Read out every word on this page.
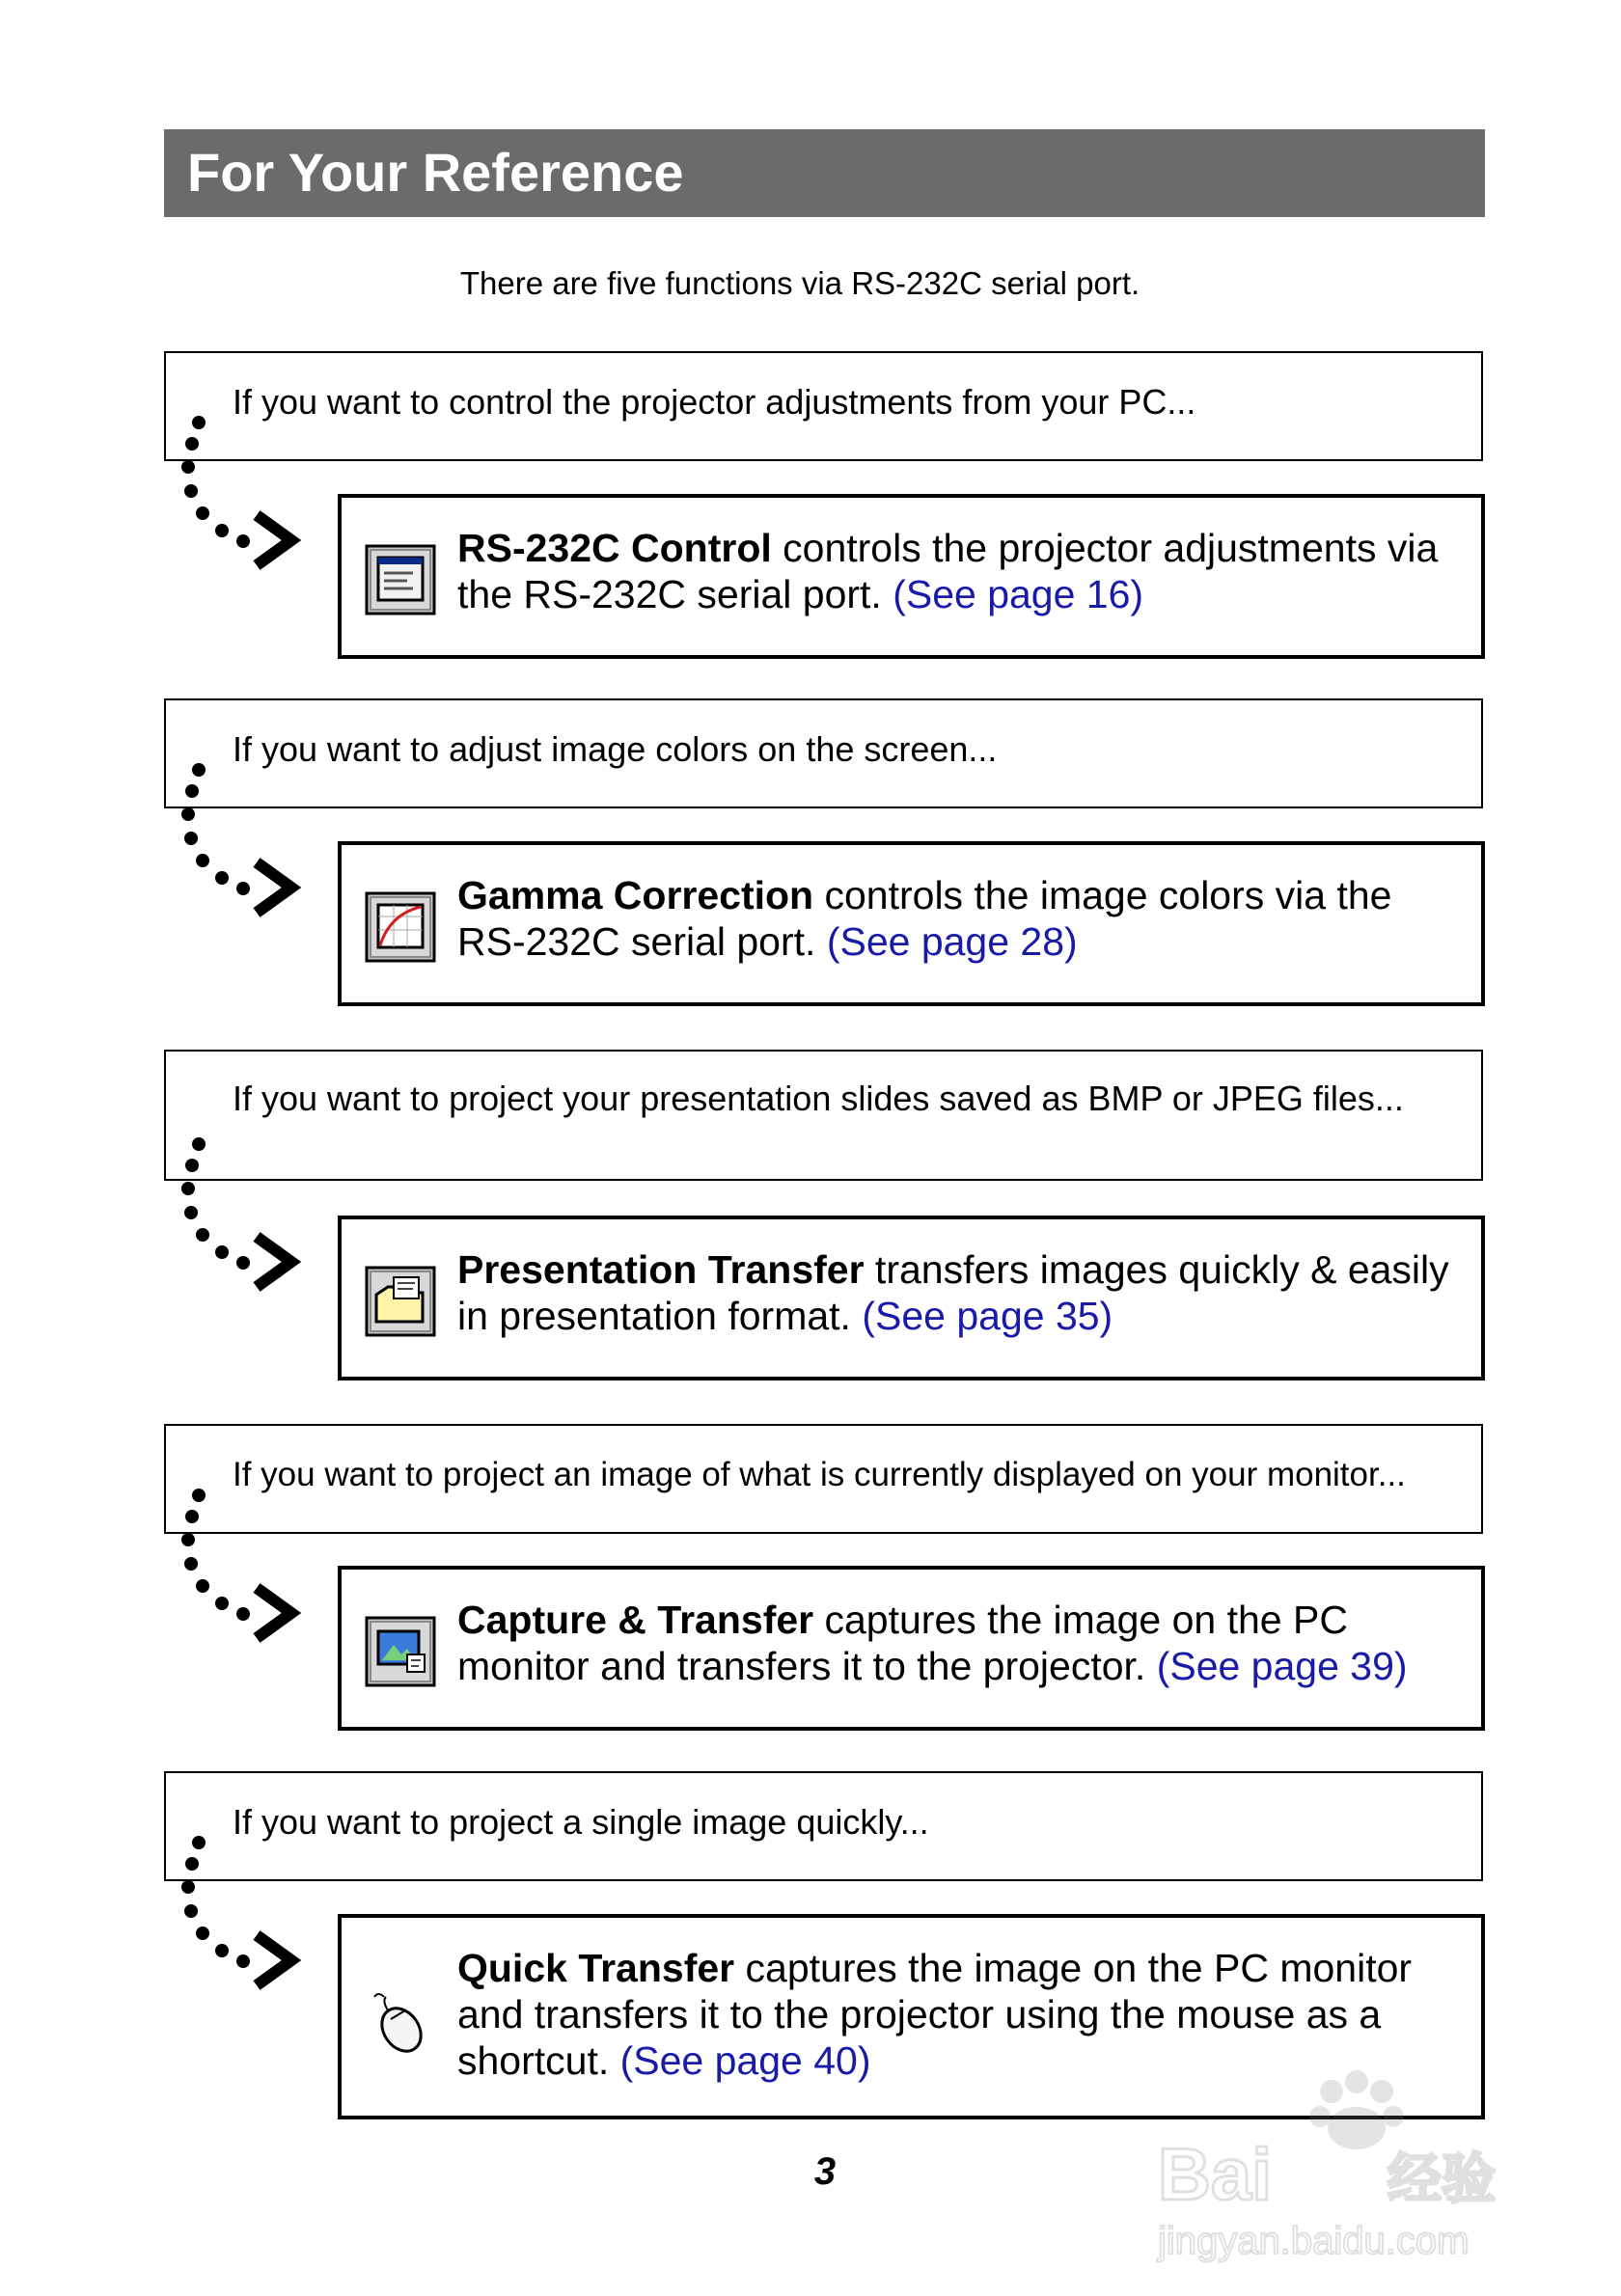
For Your Reference
There are five functions via RS-232C serial port.
If you want to control the projector adjustments from your PC...
RS-232C Control controls the projector adjustments via the RS-232C serial port. (See page 16)
If you want to adjust image colors on the screen...
Gamma Correction controls the image colors via the RS-232C serial port. (See page 28)
If you want to project your presentation slides saved as BMP or JPEG files...
Presentation Transfer transfers images quickly & easily in presentation format. (See page 35)
If you want to project an image of what is currently displayed on your monitor...
Capture & Transfer captures the image on the PC monitor and transfers it to the projector. (See page 39)
If you want to project a single image quickly...
Quick Transfer captures the image on the PC monitor and transfers it to the projector using the mouse as a shortcut. (See page 40)
3	Bai 经验
jingyan.baidu.com
